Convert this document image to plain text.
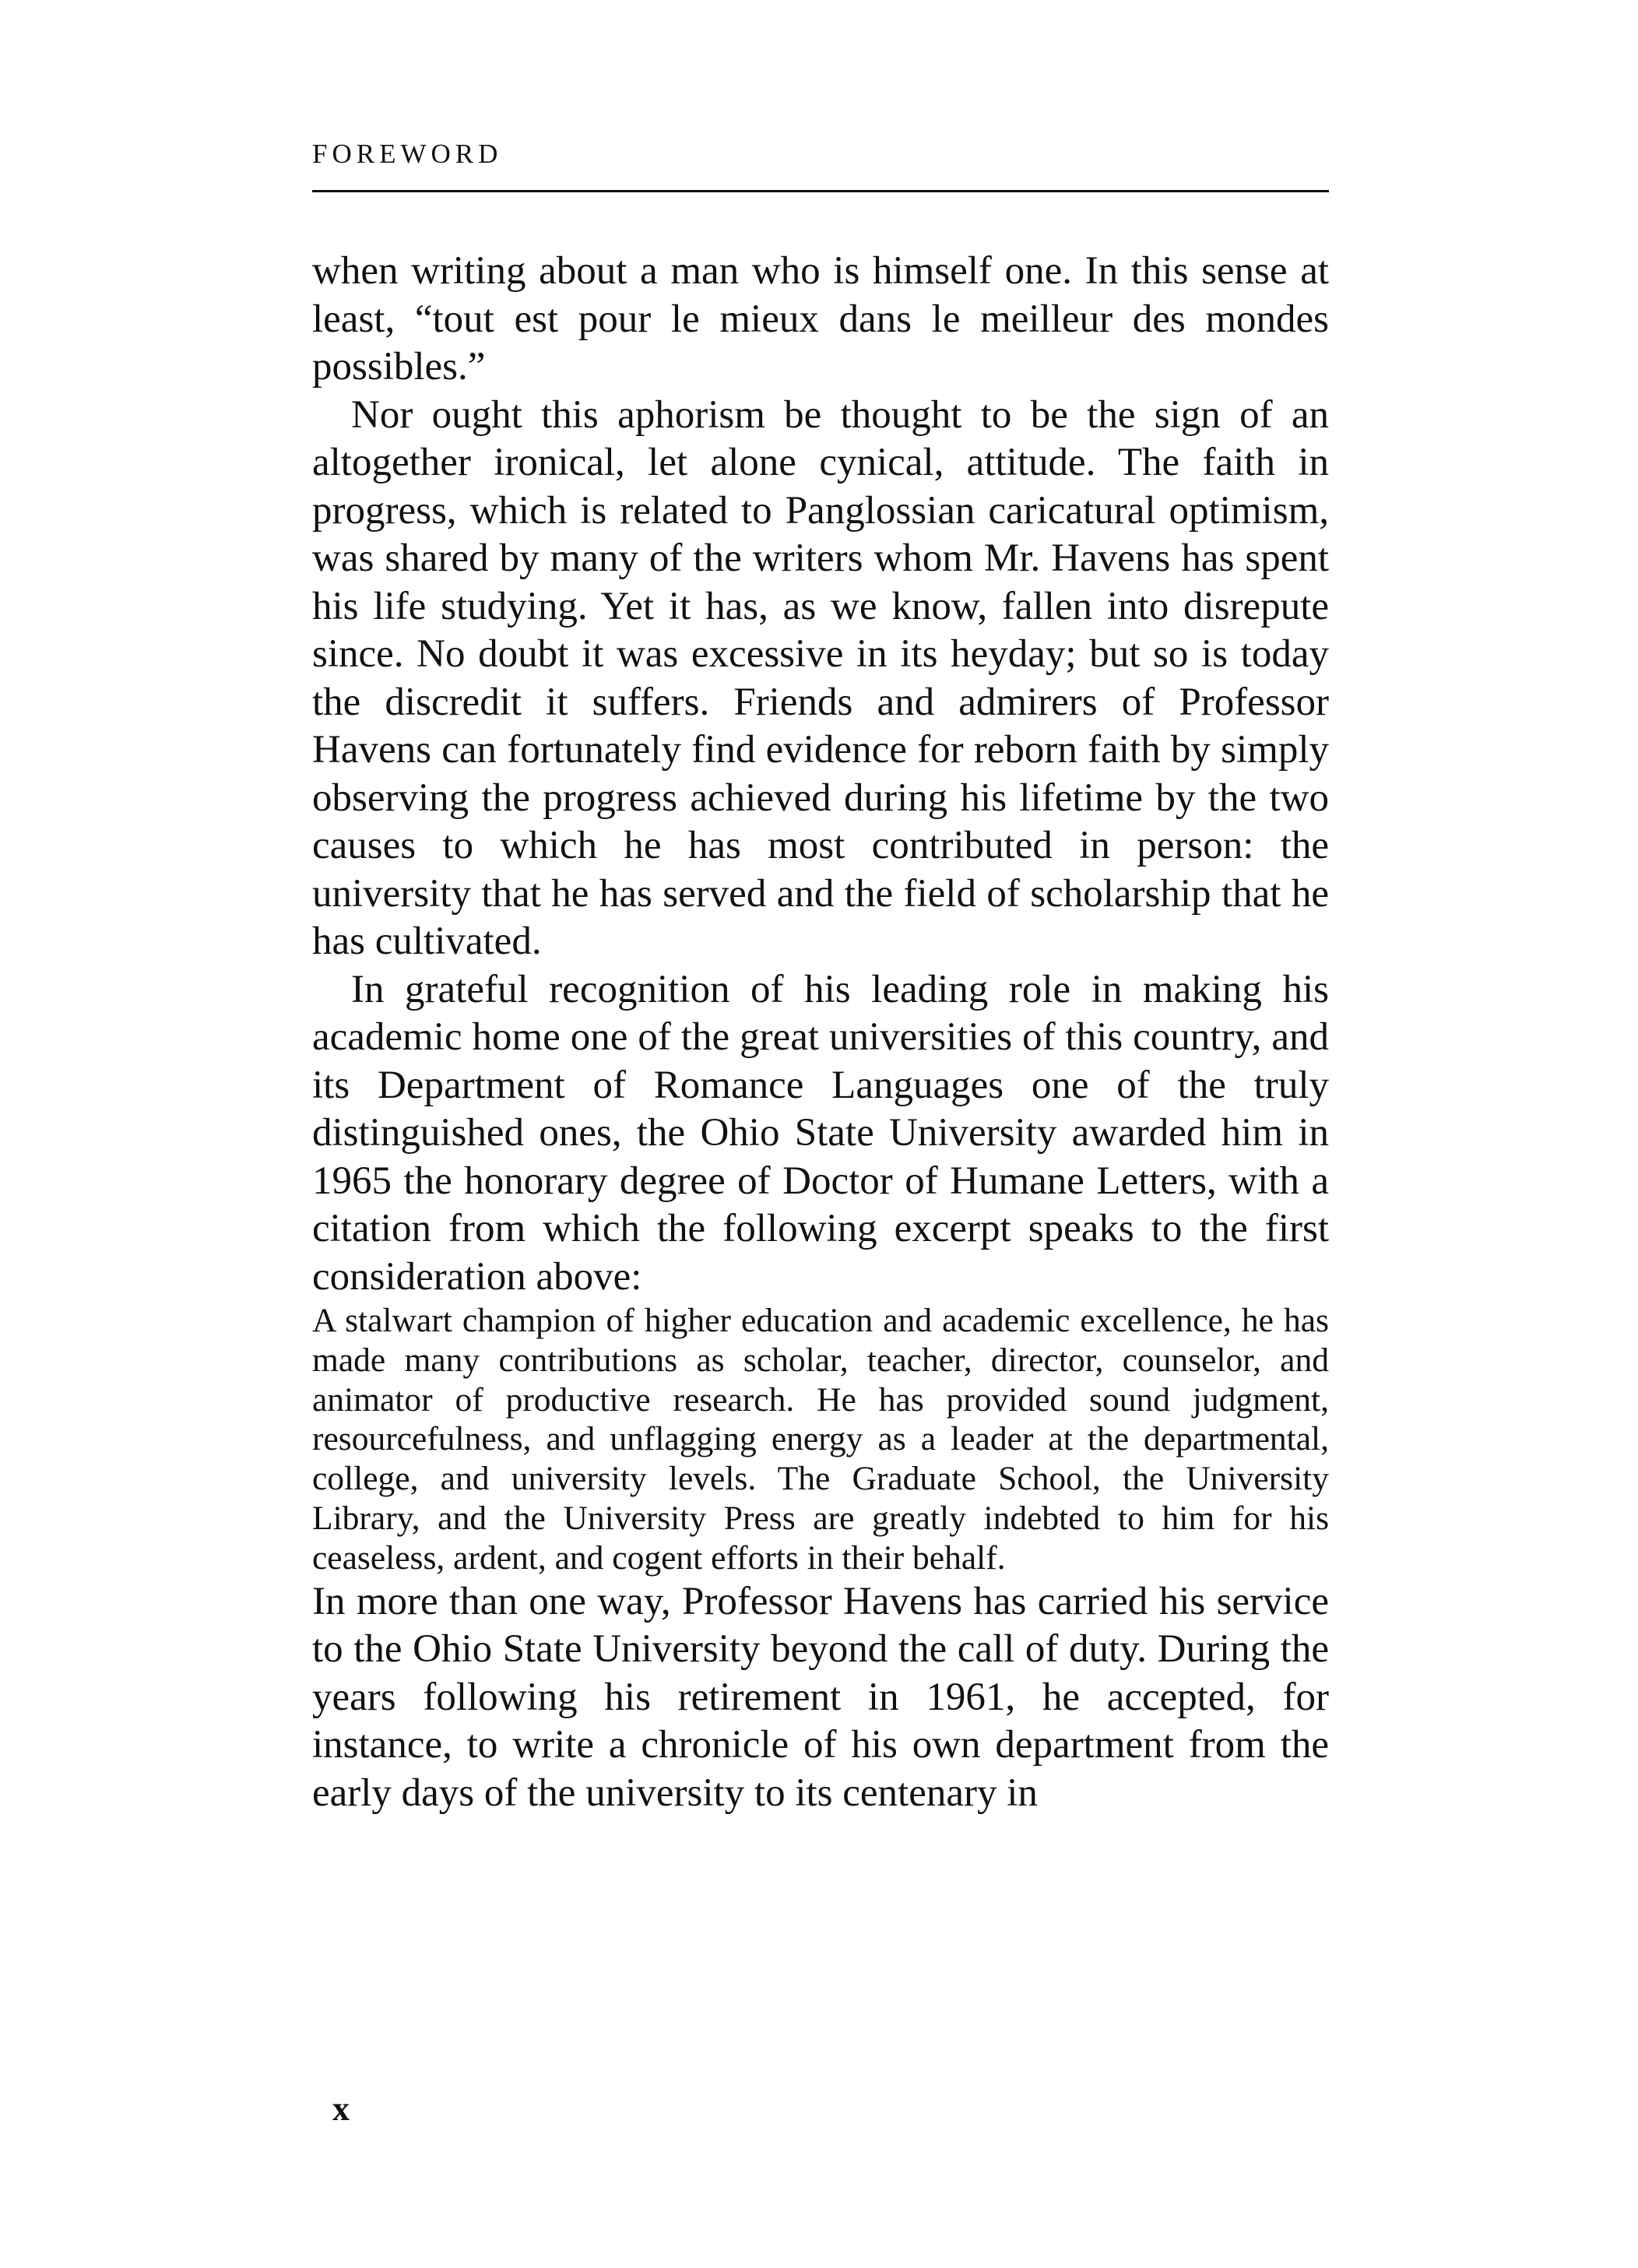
FOREWORD

when writing about a man who is himself one. In this sense at least, “tout est pour le mieux dans le meilleur des mondes possibles.”

Nor ought this aphorism be thought to be the sign of an altogether ironical, let alone cynical, attitude. The faith in progress, which is related to Panglossian caricatural optimism, was shared by many of the writers whom Mr. Havens has spent his life studying. Yet it has, as we know, fallen into disrepute since. No doubt it was excessive in its heyday; but so is today the discredit it suffers. Friends and admirers of Professor Havens can fortunately find evidence for reborn faith by simply observing the progress achieved during his lifetime by the two causes to which he has most contributed in person: the university that he has served and the field of scholarship that he has cultivated.

In grateful recognition of his leading role in making his academic home one of the great universities of this country, and its Department of Romance Languages one of the truly distinguished ones, the Ohio State University awarded him in 1965 the honorary degree of Doctor of Humane Letters, with a citation from which the following excerpt speaks to the first consideration above:

A stalwart champion of higher education and academic excellence, he has made many contributions as scholar, teacher, director, counselor, and animator of productive research. He has provided sound judgment, resourcefulness, and unflagging energy as a leader at the departmental, college, and university levels. The Graduate School, the University Library, and the University Press are greatly indebted to him for his ceaseless, ardent, and cogent efforts in their behalf.

In more than one way, Professor Havens has carried his service to the Ohio State University beyond the call of duty. During the years following his retirement in 1961, he accepted, for instance, to write a chronicle of his own department from the early days of the university to its centenary in

x
